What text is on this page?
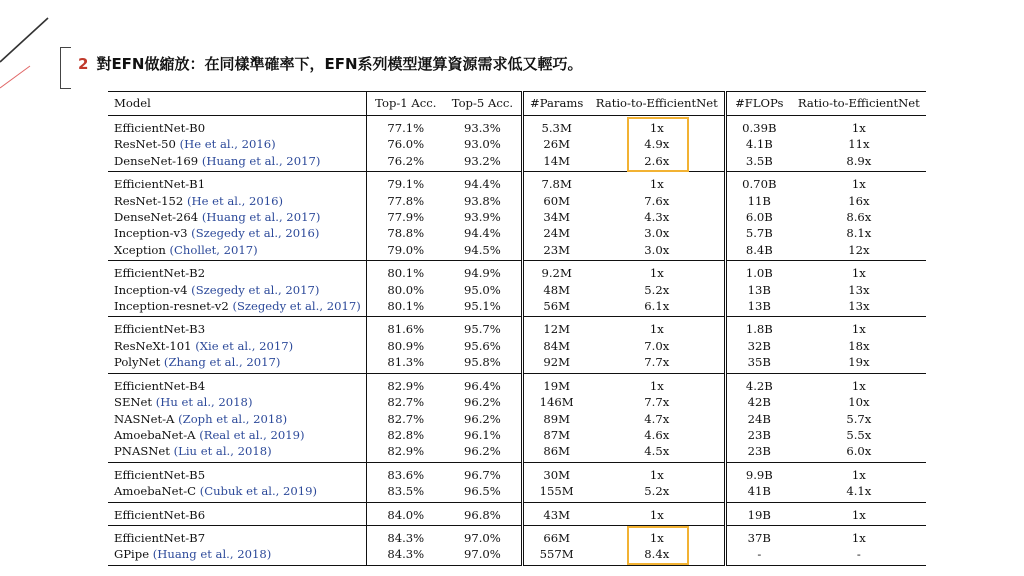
2 對EFN做縮放：在同樣準確率下，EFN系列模型運算資源需求低又輕巧。
Model	Top-1 Acc.	Top-5 Acc.	#Params	Ratio-to-EfficientNet	#FLOPs	Ratio-to-EfficientNet
EfficientNet-B0	77.1%	93.3%	5.3M	1x	0.39B	1x
ResNet-50 (He et al., 2016)	76.0%	93.0%	26M	4.9x	4.1B	11x
DenseNet-169 (Huang et al., 2017)	76.2%	93.2%	14M	2.6x	3.5B	8.9x
EfficientNet-B1	79.1%	94.4%	7.8M	1x	0.70B	1x
ResNet-152 (He et al., 2016)	77.8%	93.8%	60M	7.6x	11B	16x
DenseNet-264 (Huang et al., 2017)	77.9%	93.9%	34M	4.3x	6.0B	8.6x
Inception-v3 (Szegedy et al., 2016)	78.8%	94.4%	24M	3.0x	5.7B	8.1x
Xception (Chollet, 2017)	79.0%	94.5%	23M	3.0x	8.4B	12x
EfficientNet-B2	80.1%	94.9%	9.2M	1x	1.0B	1x
Inception-v4 (Szegedy et al., 2017)	80.0%	95.0%	48M	5.2x	13B	13x
Inception-resnet-v2 (Szegedy et al., 2017)	80.1%	95.1%	56M	6.1x	13B	13x
EfficientNet-B3	81.6%	95.7%	12M	1x	1.8B	1x
ResNeXt-101 (Xie et al., 2017)	80.9%	95.6%	84M	7.0x	32B	18x
PolyNet (Zhang et al., 2017)	81.3%	95.8%	92M	7.7x	35B	19x
EfficientNet-B4	82.9%	96.4%	19M	1x	4.2B	1x
SENet (Hu et al., 2018)	82.7%	96.2%	146M	7.7x	42B	10x
NASNet-A (Zoph et al., 2018)	82.7%	96.2%	89M	4.7x	24B	5.7x
AmoebaNet-A (Real et al., 2019)	82.8%	96.1%	87M	4.6x	23B	5.5x
PNASNet (Liu et al., 2018)	82.9%	96.2%	86M	4.5x	23B	6.0x
EfficientNet-B5	83.6%	96.7%	30M	1x	9.9B	1x
AmoebaNet-C (Cubuk et al., 2019)	83.5%	96.5%	155M	5.2x	41B	4.1x
EfficientNet-B6	84.0%	96.8%	43M	1x	19B	1x
EfficientNet-B7	84.3%	97.0%	66M	1x	37B	1x
GPipe (Huang et al., 2018)	84.3%	97.0%	557M	8.4x	-	-
